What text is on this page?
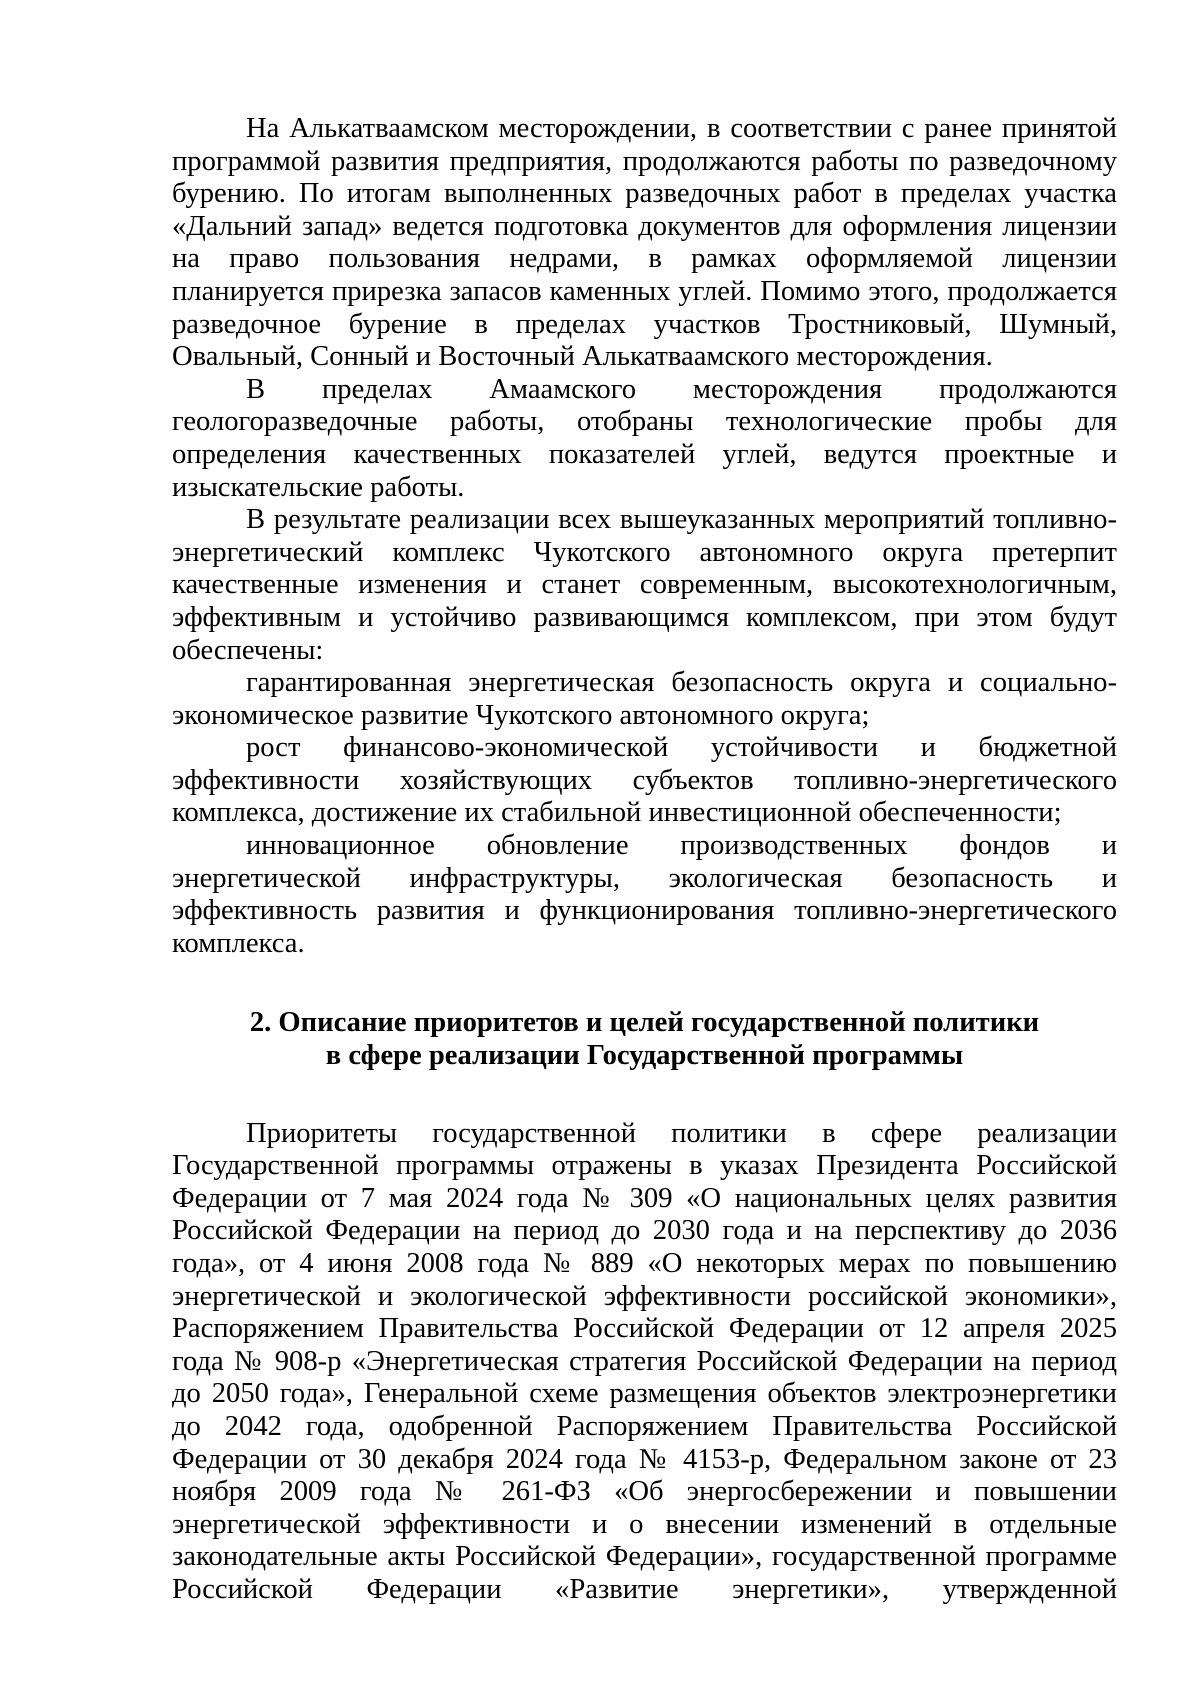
На Алькатваамском месторождении, в соответствии с ранее принятой программой развития предприятия, продолжаются работы по разведочному бурению. По итогам выполненных разведочных работ в пределах участка «Дальний запад» ведется подготовка документов для оформления лицензии на право пользования недрами, в рамках оформляемой лицензии планируется прирезка запасов каменных углей. Помимо этого, продолжается разведочное бурение в пределах участков Тростниковый, Шумный, Овальный, Сонный и Восточный Алькатваамского месторождения.

В пределах Амаамского месторождения продолжаются геологоразведочные работы, отобраны технологические пробы для определения качественных показателей углей, ведутся проектные и изыскательские работы.

В результате реализации всех вышеуказанных мероприятий топливно-энергетический комплекс Чукотского автономного округа претерпит качественные изменения и станет современным, высокотехнологичным, эффективным и устойчиво развивающимся комплексом, при этом будут обеспечены:

гарантированная энергетическая безопасность округа и социально-экономическое развитие Чукотского автономного округа;

рост финансово-экономической устойчивости и бюджетной эффективности хозяйствующих субъектов топливно-энергетического комплекса, достижение их стабильной инвестиционной обеспеченности;

инновационное обновление производственных фондов и энергетической инфраструктуры, экологическая безопасность и эффективность развития и функционирования топливно-энергетического комплекса.

2. Описание приоритетов и целей государственной политики
в сфере реализации Государственной программы

Приоритеты государственной политики в сфере реализации Государственной программы отражены в указах Президента Российской Федерации от 7 мая 2024 года № 309 «О национальных целях развития Российской Федерации на период до 2030 года и на перспективу до 2036 года», от 4 июня 2008 года № 889 «О некоторых мерах по повышению энергетической и экологической эффективности российской экономики», Распоряжением Правительства Российской Федерации от 12 апреля 2025 года № 908-р «Энергетическая стратегия Российской Федерации на период до 2050 года», Генеральной схеме размещения объектов электроэнергетики до 2042 года, одобренной Распоряжением Правительства Российской Федерации от 30 декабря 2024 года № 4153-р, Федеральном законе от 23 ноября 2009 года № 261-ФЗ «Об энергосбережении и повышении энергетической эффективности и о внесении изменений в отдельные законодательные акты Российской Федерации», государственной программе Российской Федерации «Развитие энергетики», утвержденной
